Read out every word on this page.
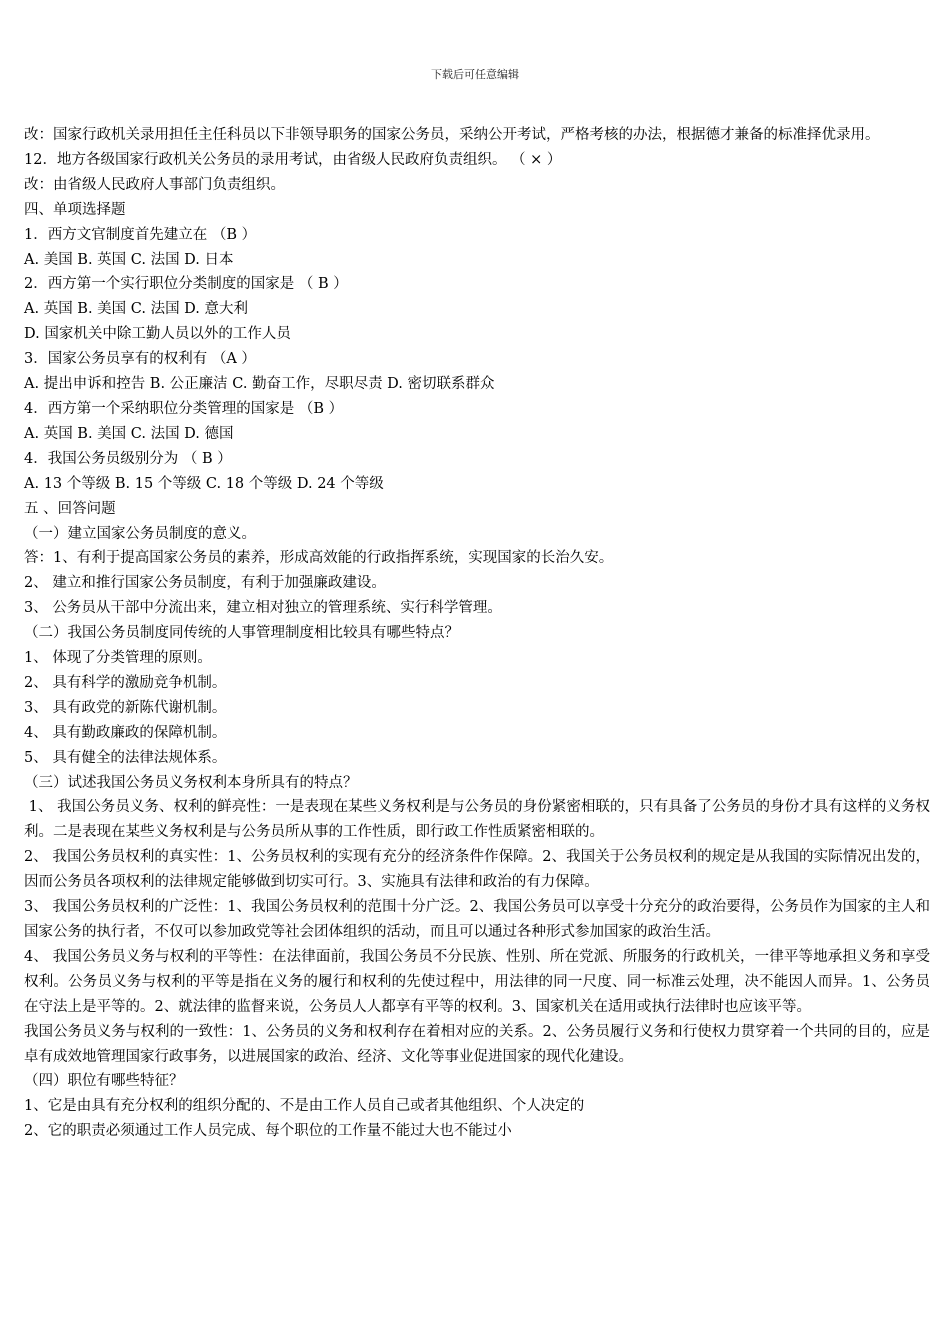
下载后可任意编辑

改：国家行政机关录用担任主任科员以下非领导职务的国家公务员，采纳公开考试，严格考核的办法，根据德才兼备的标准择优录用。

12．地方各级国家行政机关公务员的录用考试，由省级人民政府负责组织。 （ × ）

改：由省级人民政府人事部门负责组织。

四、单项选择题

1．西方文官制度首先建立在 （B ）

A. 美国 B. 英国 C. 法国 D. 日本

2．西方第一个实行职位分类制度的国家是 （ B ）

A. 英国 B. 美国 C. 法国 D. 意大利

D. 国家机关中除工勤人员以外的工作人员

3．国家公务员享有的权利有 （A ）

A. 提出申诉和控告 B. 公正廉洁 C. 勤奋工作，尽职尽责 D. 密切联系群众

4．西方第一个采纳职位分类管理的国家是 （B ）

A. 英国 B. 美国 C. 法国 D. 德国

4．我国公务员级别分为 （ B ）

A. 13 个等级 B. 15 个等级 C. 18 个等级 D. 24 个等级

五 、回答问题

（一）建立国家公务员制度的意义。

答：1、有利于提高国家公务员的素养，形成高效能的行政指挥系统，实现国家的长治久安。

2、 建立和推行国家公务员制度，有利于加强廉政建设。

3、 公务员从干部中分流出来，建立相对独立的管理系统、实行科学管理。

（二）我国公务员制度同传统的人事管理制度相比较具有哪些特点？

1、 体现了分类管理的原则。

2、 具有科学的激励竞争机制。

3、 具有政党的新陈代谢机制。

4、 具有勤政廉政的保障机制。

5、 具有健全的法律法规体系。

（三）试述我国公务员义务权利本身所具有的特点？

1、 我国公务员义务、权利的鲜亮性：一是表现在某些义务权利是与公务员的身份紧密相联的，只有具备了公务员的身份才具有这样的义务权利。二是表现在某些义务权利是与公务员所从事的工作性质，即行政工作性质紧密相联的。

2、 我国公务员权利的真实性：1、公务员权利的实现有充分的经济条件作保障。2、我国关于公务员权利的规定是从我国的实际情况出发的，因而公务员各项权利的法律规定能够做到切实可行。3、实施具有法律和政治的有力保障。

3、 我国公务员权利的广泛性：1、我国公务员权利的范围十分广泛。2、我国公务员可以享受十分充分的政治要得，公务员作为国家的主人和国家公务的执行者，不仅可以参加政党等社会团体组织的活动，而且可以通过各种形式参加国家的政治生活。

4、 我国公务员义务与权利的平等性：在法律面前，我国公务员不分民族、性别、所在党派、所服务的行政机关，一律平等地承担义务和享受权利。公务员义务与权利的平等是指在义务的履行和权利的先使过程中，用法律的同一尺度、同一标准云处理，决不能因人而异。1、公务员在守法上是平等的。2、就法律的监督来说，公务员人人都享有平等的权利。3、国家机关在适用或执行法律时也应该平等。

我国公务员义务与权利的一致性：1、公务员的义务和权利存在着相对应的关系。2、公务员履行义务和行使权力贯穿着一个共同的目的，应是卓有成效地管理国家行政事务，以进展国家的政治、经济、文化等事业促进国家的现代化建设。

（四）职位有哪些特征？

1、它是由具有充分权利的组织分配的、不是由工作人员自己或者其他组织、个人决定的

2、它的职责必须通过工作人员完成、每个职位的工作量不能过大也不能过小
